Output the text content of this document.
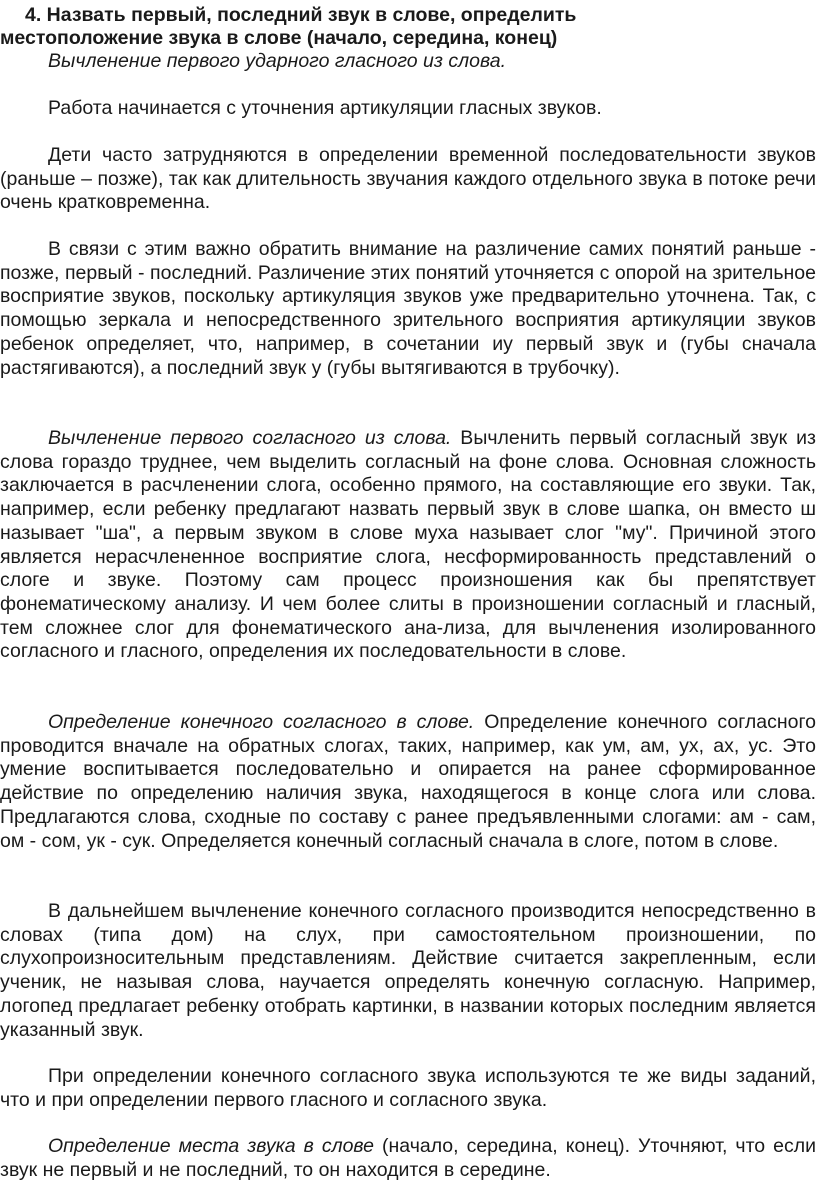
4. Назвать первый, последний звук в слове, определить
местоположение звука в слове (начало, середина, конец)

Вычленение первого ударного гласного из слова.

Работа начинается с уточнения артикуляции гласных звуков.

Дети часто затрудняются в определении временной последовательности звуков (раньше – позже), так как длительность звучания каждого отдельного звука в потоке речи очень кратковременна.

В связи с этим важно обратить внимание на различение самих понятий раньше - позже, первый - последний. Различение этих понятий уточняется с опорой на зрительное восприятие звуков, поскольку артикуляция звуков уже предварительно уточнена. Так, с помощью зеркала и непосредственного зрительного восприятия артикуляции звуков ребенок определяет, что, например, в сочетании иу первый звук и (губы сначала растягиваются), а последний звук у (губы вытягиваются в трубочку).

Вычленение первого согласного из слова. Вычленить первый согласный звук из слова гораздо труднее, чем выделить согласный на фоне слова. Основная сложность заключается в расчленении слога, особенно прямого, на составляющие его звуки. Так, например, если ребенку предлагают назвать первый звук в слове шапка, он вместо ш называет "ша", а первым звуком в слове муха называет слог "му". Причиной этого является нерасчлененное восприятие слога, несформированность представлений о слоге и звуке. Поэтому сам процесс произношения как бы препятствует фонематическому анализу. И чем более слиты в произношении согласный и гласный, тем сложнее слог для фонематического ана-лиза, для вычленения изолированного согласного и гласного, определения их последовательности в слове.

Определение конечного согласного в слове. Определение конечного согласного проводится вначале на обратных слогах, таких, например, как ум, ам, ух, ах, ус. Это умение воспитывается последовательно и опирается на ранее сформированное действие по определению наличия звука, находящегося в конце слога или слова. Предлагаются слова, сходные по составу с ранее предъявленными слогами: ам - сам, ом - сом, ук - сук. Определяется конечный согласный сначала в слоге, потом в слове.

В дальнейшем вычленение конечного согласного производится непосредственно в словах (типа дом) на слух, при самостоятельном произношении, по слухопроизносительным представлениям. Действие считается закрепленным, если ученик, не называя слова, научается определять конечную согласную. Например, логопед предлагает ребенку отобрать картинки, в названии которых последним является указанный звук.

При определении конечного согласного звука используются те же виды заданий, что и при определении первого гласного и согласного звука.

Определение места звука в слове (начало, середина, конец). Уточняют, что если звук не первый и не последний, то он находится в середине.
